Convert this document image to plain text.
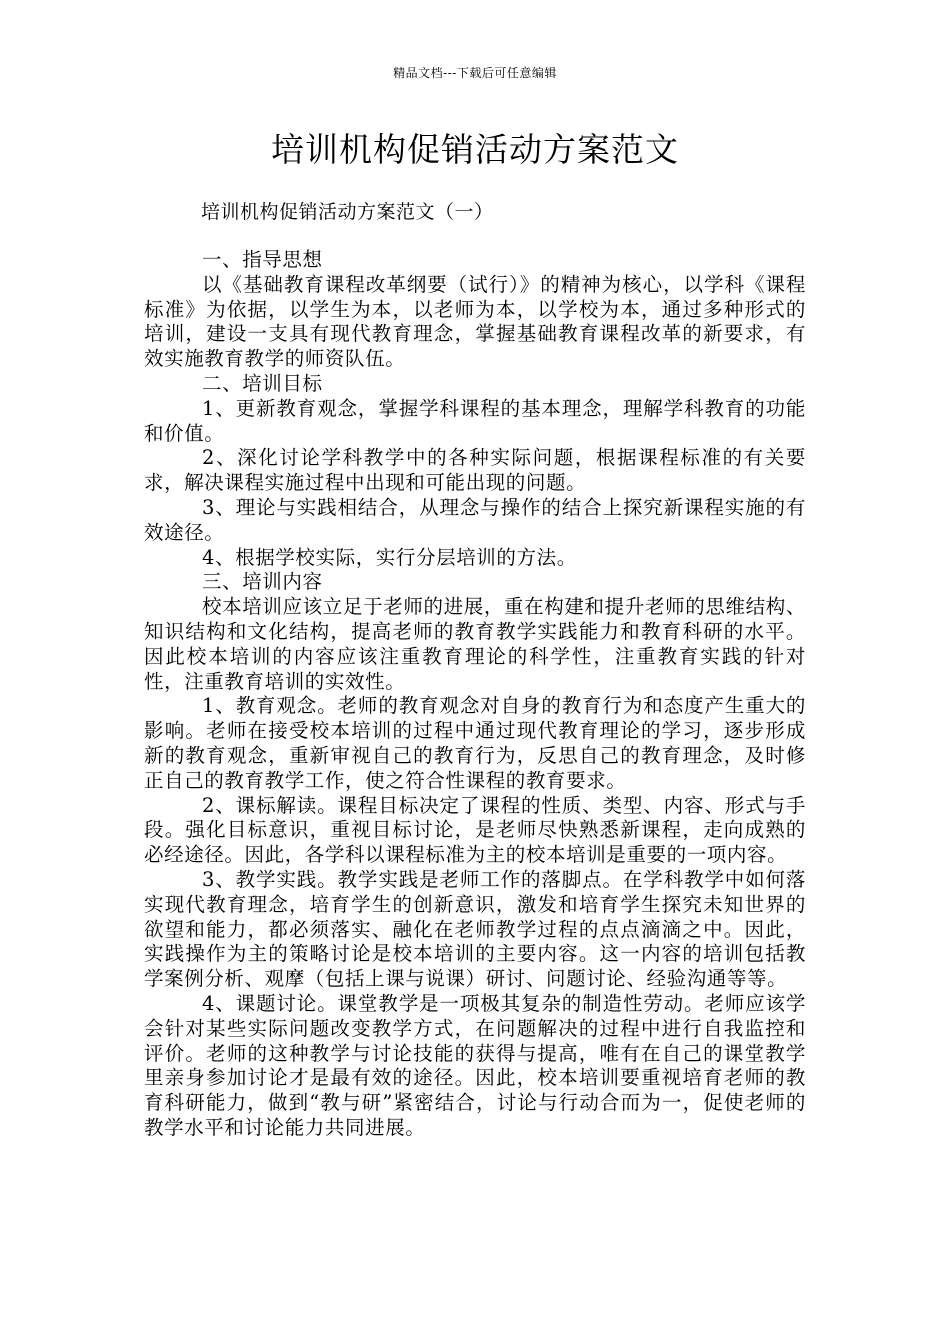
精品文档---下载后可任意编辑
培训机构促销活动方案范文
培训机构促销活动方案范文（一）

一、指导思想

以《基础教育课程改革纲要（试行）》的精神为核心，以学科《课程标准》为依据，以学生为本，以老师为本，以学校为本，通过多种形式的培训，建设一支具有现代教育理念，掌握基础教育课程改革的新要求，有效实施教育教学的师资队伍。

二、培训目标

1、更新教育观念，掌握学科课程的基本理念，理解学科教育的功能和价值。

2、深化讨论学科教学中的各种实际问题，根据课程标准的有关要求，解决课程实施过程中出现和可能出现的问题。

3、理论与实践相结合，从理念与操作的结合上探究新课程实施的有效途径。

4、根据学校实际，实行分层培训的方法。

三、培训内容

校本培训应该立足于老师的进展，重在构建和提升老师的思维结构、知识结构和文化结构，提高老师的教育教学实践能力和教育科研的水平。因此校本培训的内容应该注重教育理论的科学性，注重教育实践的针对性，注重教育培训的实效性。

1、教育观念。老师的教育观念对自身的教育行为和态度产生重大的影响。老师在接受校本培训的过程中通过现代教育理论的学习，逐步形成新的教育观念，重新审视自己的教育行为，反思自己的教育理念，及时修正自己的教育教学工作，使之符合性课程的教育要求。

2、课标解读。课程目标决定了课程的性质、类型、内容、形式与手段。强化目标意识，重视目标讨论，是老师尽快熟悉新课程，走向成熟的必经途径。因此，各学科以课程标准为主的校本培训是重要的一项内容。

3、教学实践。教学实践是老师工作的落脚点。在学科教学中如何落实现代教育理念，培育学生的创新意识，激发和培育学生探究未知世界的欲望和能力，都必须落实、融化在老师教学过程的点点滴滴之中。因此，实践操作为主的策略讨论是校本培训的主要内容。这一内容的培训包括教学案例分析、观摩（包括上课与说课）研讨、问题讨论、经验沟通等等。

4、课题讨论。课堂教学是一项极其复杂的制造性劳动。老师应该学会针对某些实际问题改变教学方式，在问题解决的过程中进行自我监控和评价。老师的这种教学与讨论技能的获得与提高，唯有在自己的课堂教学里亲身参加讨论才是最有效的途径。因此，校本培训要重视培育老师的教育科研能力，做到“教与研”紧密结合，讨论与行动合而为一，促使老师的教学水平和讨论能力共同进展。
